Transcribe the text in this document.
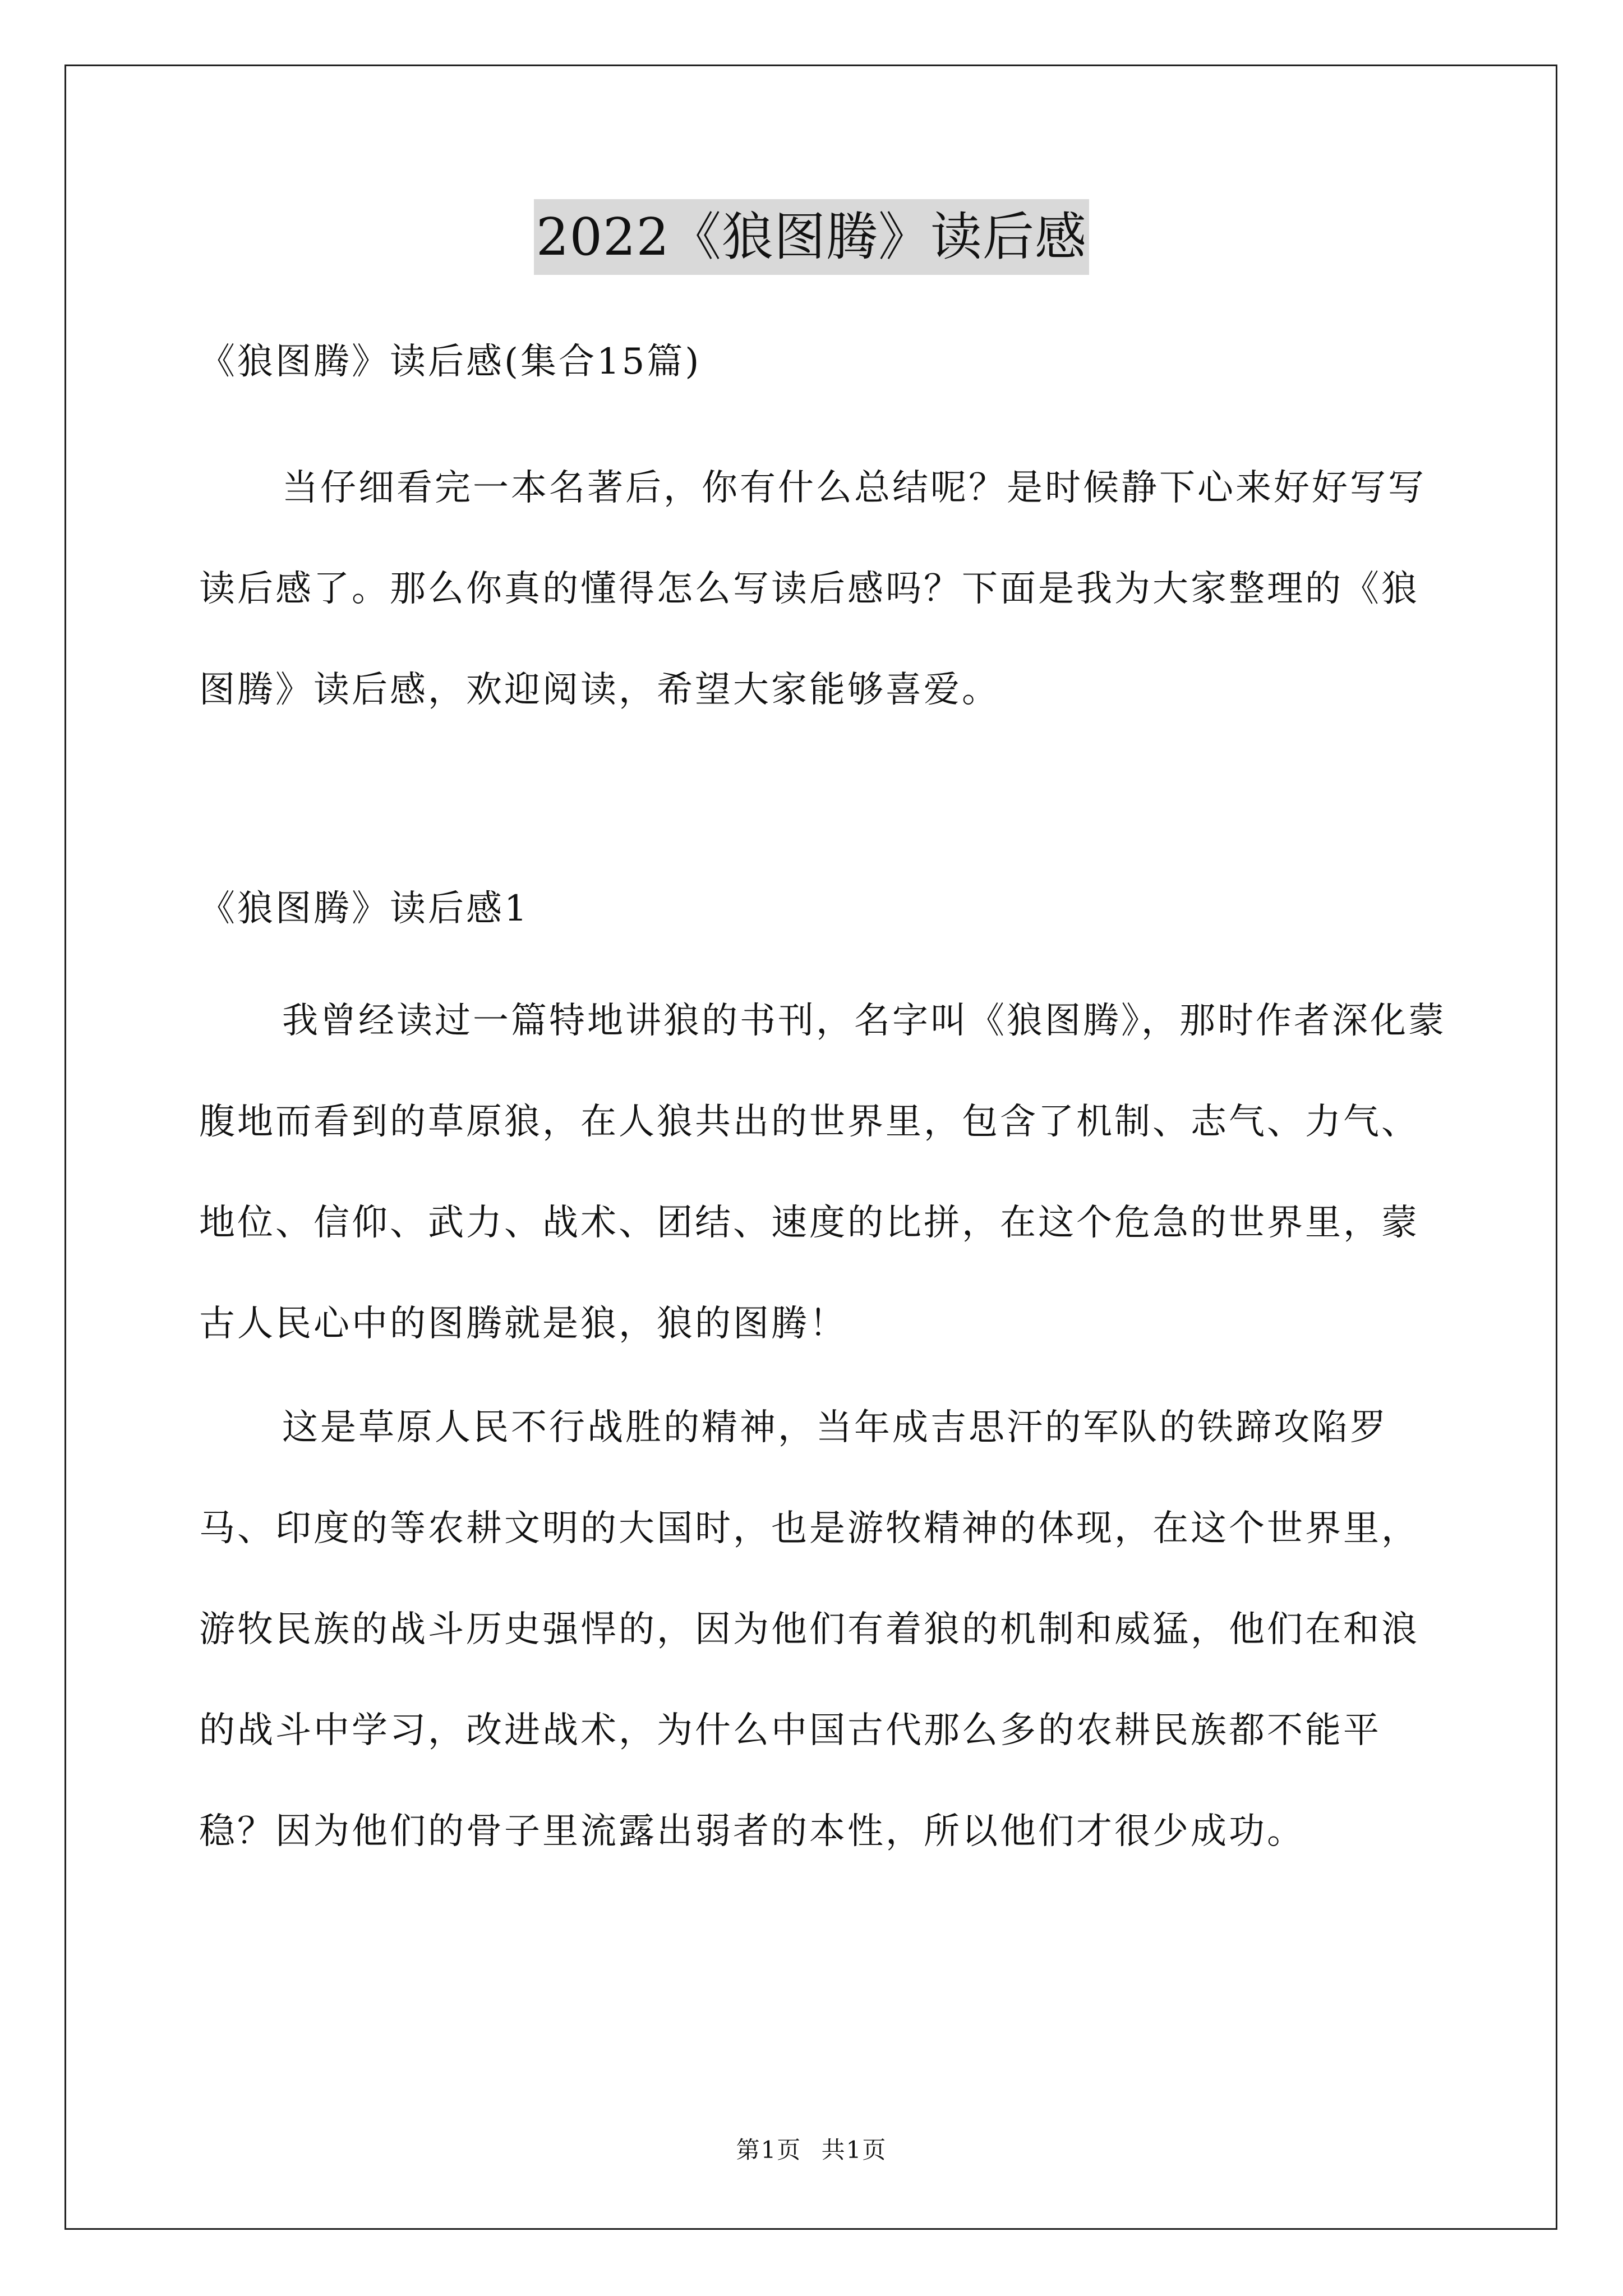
2022《狼图腾》读后感

《狼图腾》读后感(集合15篇)

当仔细看完一本名著后，你有什么总结呢？是时候静下心来好好写写读后感了。那么你真的懂得怎么写读后感吗？下面是我为大家整理的《狼图腾》读后感，欢迎阅读，希望大家能够喜爱。

《狼图腾》读后感1

我曾经读过一篇特地讲狼的书刊，名字叫《狼图腾》，那时作者深化蒙腹地而看到的草原狼，在人狼共出的世界里，包含了机制、志气、力气、地位、信仰、武力、战术、团结、速度的比拼，在这个危急的世界里，蒙古人民心中的图腾就是狼，狼的图腾！

这是草原人民不行战胜的精神，当年成吉思汗的军队的铁蹄攻陷罗马、印度的等农耕文明的大国时，也是游牧精神的体现，在这个世界里，游牧民族的战斗历史强悍的，因为他们有着狼的机制和威猛，他们在和浪的战斗中学习，改进战术，为什么中国古代那么多的农耕民族都不能平稳？因为他们的骨子里流露出弱者的本性，所以他们才很少成功。

第1页 共1页
